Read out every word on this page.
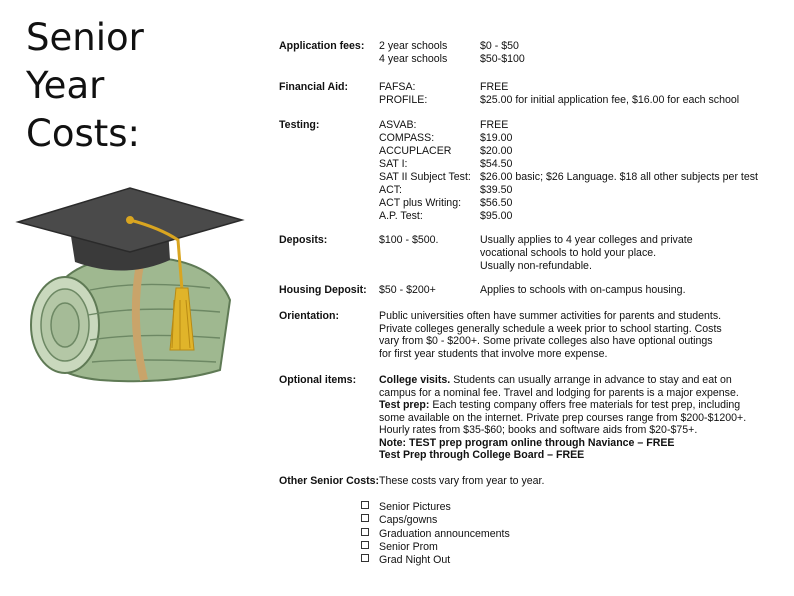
Senior
Year
Costs:
Application fees: 2 year schools	$0 - $50
4 year schools	$50-$100
Financial Aid:	FAFSA:	FREE
PROFILE:	$25.00 for initial application fee, $16.00 for each school
Testing:	ASVAB:	FREE
COMPASS:	$19.00
ACCUPLACER	$20.00
SAT I:	$54.50
SAT II Subject Test: $26.00 basic; $26 Language. $18 all other subjects per test
ACT:	$39.50
ACT plus Writing: $56.50
A.P. Test:	$95.00
Deposits:	$100 - $500.	Usually applies to 4 year colleges and private
vocational schools to hold your place.
Usually non-refundable.
Housing Deposit: $50 - $200+	Applies to schools with on-campus housing.
Orientation:	Public universities often have summer activities for parents and students.
Private colleges generally schedule a week prior to school starting. Costs
vary from $0 - $200+. Some private colleges also have optional outings
for first year students that involve more expense.
Optional items: College visits. Students can usually arrange in advance to stay and eat on
campus for a nominal fee. Travel and lodging for parents is a major expense.
Test prep: Each testing company offers free materials for test prep, including
some available on the internet. Private prep courses range from $200-$1200+.
Hourly rates from $35-$60; books and software aids from $20-$75+.
Note: TEST prep program online through Naviance – FREE
Test Prep through College Board – FREE
Other Senior Costs: These costs vary from year to year.
Senior Pictures
Caps/gowns
Graduation announcements
Senior Prom
Grad Night Out
